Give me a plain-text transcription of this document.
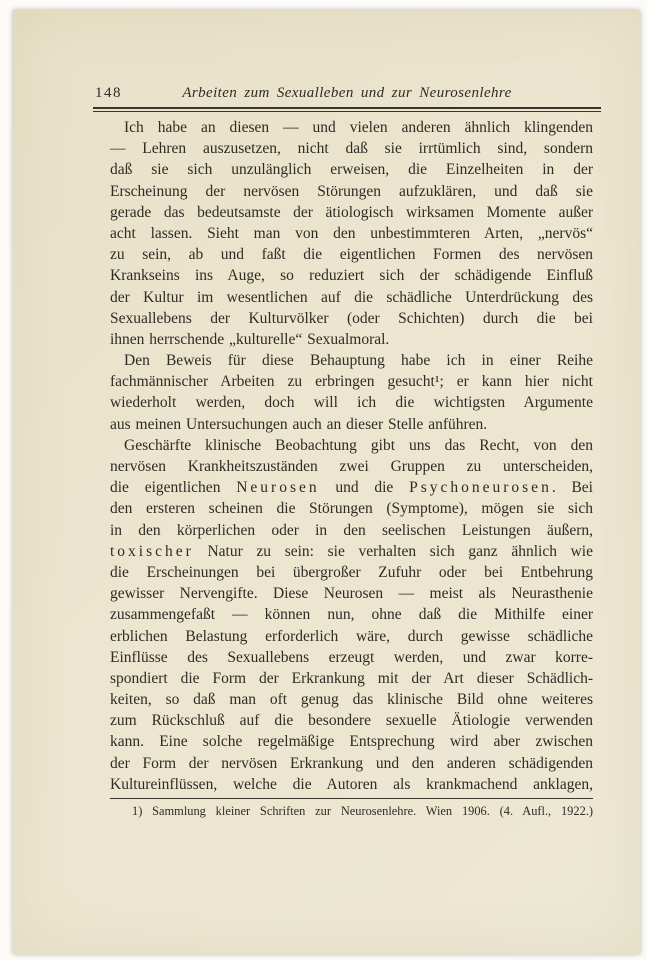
148	Arbeiten zum Sexualleben und zur Neurosenlehre
Ich habe an diesen — und vielen anderen ähnlich klingenden
— Lehren auszusetzen, nicht daß sie irrtümlich sind, sondern
daß sie sich unzulänglich erweisen, die Einzelheiten in der
Erscheinung der nervösen Störungen aufzuklären, und daß sie
gerade das bedeutsamste der ätiologisch wirksamen Momente außer
acht lassen. Sieht man von den unbestimmteren Arten, „nervös“
zu sein, ab und faßt die eigentlichen Formen des nervösen
Krankseins ins Auge, so reduziert sich der schädigende Einfluß
der Kultur im wesentlichen auf die schädliche Unterdrückung des
Sexuallebens der Kulturvölker (oder Schichten) durch die bei
ihnen herrschende „kulturelle“ Sexualmoral.
Den Beweis für diese Behauptung habe ich in einer Reihe
fachmännischer Arbeiten zu erbringen gesucht¹; er kann hier nicht
wiederholt werden, doch will ich die wichtigsten Argumente
aus meinen Untersuchungen auch an dieser Stelle anführen.
Geschärfte klinische Beobachtung gibt uns das Recht, von den
nervösen Krankheitszuständen zwei Gruppen zu unterscheiden,
die eigentlichen Neurosen und die Psychoneurosen. Bei
den ersteren scheinen die Störungen (Symptome), mögen sie sich
in den körperlichen oder in den seelischen Leistungen äußern,
toxischer Natur zu sein: sie verhalten sich ganz ähnlich wie
die Erscheinungen bei übergroßer Zufuhr oder bei Entbehrung
gewisser Nervengifte. Diese Neurosen — meist als Neurasthenie
zusammengefaßt — können nun, ohne daß die Mithilfe einer
erblichen Belastung erforderlich wäre, durch gewisse schädliche
Einflüsse des Sexuallebens erzeugt werden, und zwar korre-
spondiert die Form der Erkrankung mit der Art dieser Schädlich-
keiten, so daß man oft genug das klinische Bild ohne weiteres
zum Rückschluß auf die besondere sexuelle Ätiologie verwenden
kann. Eine solche regelmäßige Entsprechung wird aber zwischen
der Form der nervösen Erkrankung und den anderen schädigenden
Kultureinflüssen, welche die Autoren als krankmachend anklagen,
1) Sammlung kleiner Schriften zur Neurosenlehre. Wien 1906. (4. Aufl., 1922.)
